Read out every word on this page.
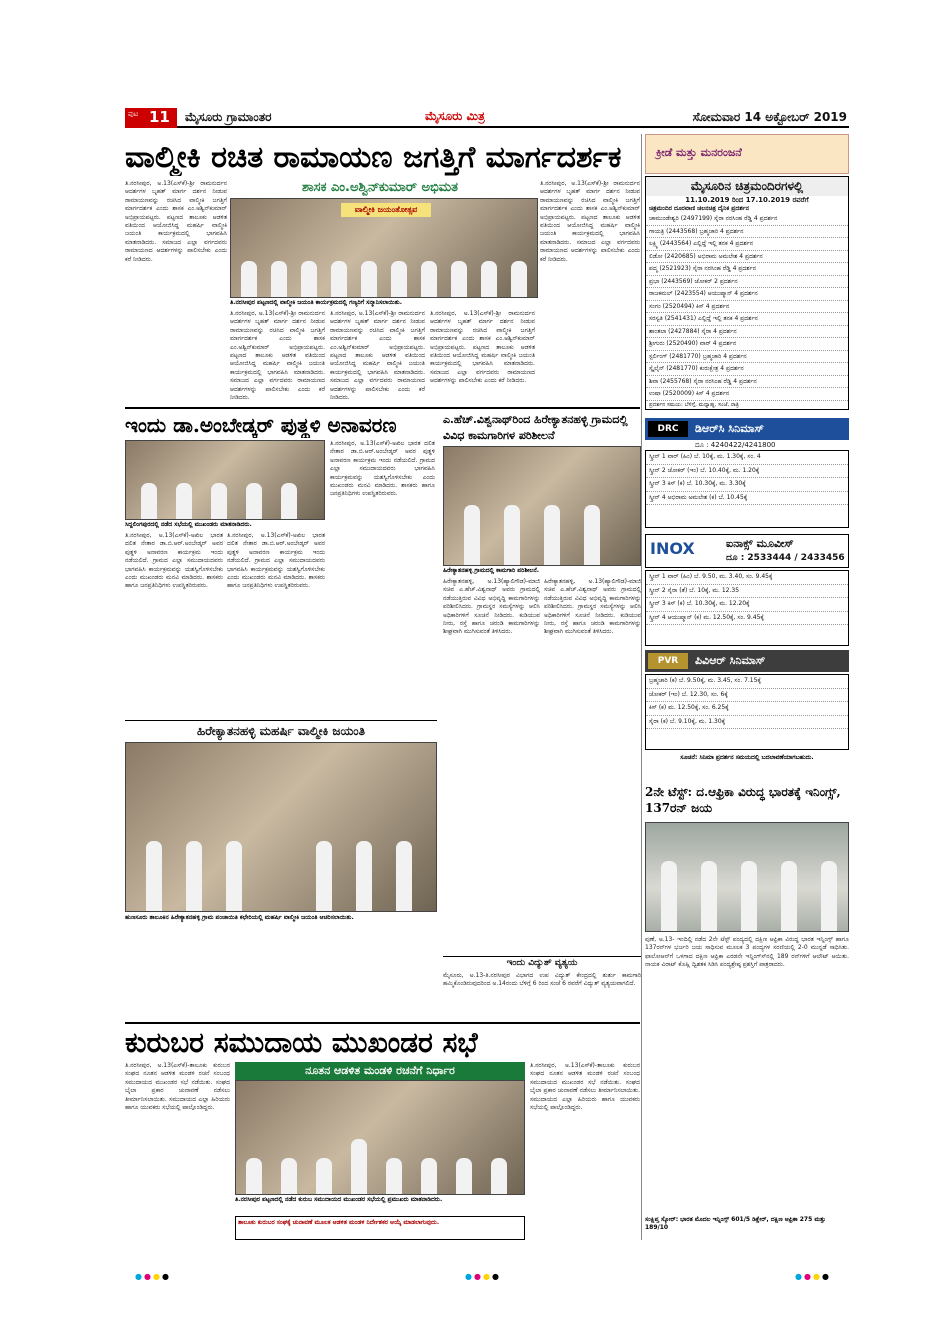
ಪುಟ 11 ಮೈಸೂರು ಗ್ರಾಮಾಂತರ	ಮೈಸೂರು ಮಿತ್ರ	ಸೋಮವಾರ 14 ಅಕ್ಟೋಬರ್ 2019
ವಾಲ್ಮೀಕಿ ರಚಿತ ರಾಮಾಯಣ ಜಗತ್ತಿಗೆ ಮಾರ್ಗದರ್ಶಕ
ಶಾಸಕ ಎಂ.ಅಶ್ವಿನ್‍ಕುಮಾರ್ ಅಭಿಮತ
ತಿ.ನರಸೀಪುರ, ಅ.13(ಎಸ್‍ಕೆ)-ಶ್ರೀ ರಾಮನುರ್ದನ ಆದರ್ಶಗಳ ಬೃಹತ್ ಮಾರ್ಗ ದರ್ಶನ ನೀಡುವ ರಾಮಾಯಣವನ್ನು ರಚಿಸಿದ ವಾಲ್ಮೀಕಿ ಜಗತ್ತಿಗೆ ಮಾರ್ಗದರ್ಶಕ ಎಂದು ಶಾಸಕ ಎಂ.ಅಶ್ವಿನ್‍ಕುಮಾರ್ ಅಭಿಪ್ರಾಯಪಟ್ಟರು. ಪಟ್ಟಣದ ತಾಲೂಕು ಆಡಳಿತ ವತಿಯಿಂದ ಆಯೋಜಿಸಿದ್ದ ಮಹರ್ಷಿ ವಾಲ್ಮೀಕಿ ಜಯಂತಿ ಕಾರ್ಯಕ್ರಮದಲ್ಲಿ ಭಾಗವಹಿಸಿ ಮಾತನಾಡಿದರು. ಸಮಾಜದ ಎಲ್ಲಾ ವರ್ಗದವರು ರಾಮಾಯಣದ ಆದರ್ಶಗಳನ್ನು ಪಾಲಿಸಬೇಕು ಎಂದು ಕರೆ ನೀಡಿದರು.
ವಾಲ್ಮೀಕಿ ಜಯಂತೋತ್ಸವ
ತಿ.ನರಸೀಪುರ ಪಟ್ಟಣದಲ್ಲಿ ವಾಲ್ಮೀಕಿ ಜಯಂತಿ ಕಾರ್ಯಕ್ರಮದಲ್ಲಿ ಗಣ್ಯರಿಗೆ ಸನ್ಮಾನಿಸಲಾಯಿತು.
ತಿ.ನರಸೀಪುರ, ಅ.13(ಎಸ್‍ಕೆ)-ಶ್ರೀ ರಾಮನುರ್ದನ ಆದರ್ಶಗಳ ಬೃಹತ್ ಮಾರ್ಗ ದರ್ಶನ ನೀಡುವ ರಾಮಾಯಣವನ್ನು ರಚಿಸಿದ ವಾಲ್ಮೀಕಿ ಜಗತ್ತಿಗೆ ಮಾರ್ಗದರ್ಶಕ ಎಂದು ಶಾಸಕ ಎಂ.ಅಶ್ವಿನ್‍ಕುಮಾರ್ ಅಭಿಪ್ರಾಯಪಟ್ಟರು. ಪಟ್ಟಣದ ತಾಲೂಕು ಆಡಳಿತ ವತಿಯಿಂದ ಆಯೋಜಿಸಿದ್ದ ಮಹರ್ಷಿ ವಾಲ್ಮೀಕಿ ಜಯಂತಿ ಕಾರ್ಯಕ್ರಮದಲ್ಲಿ ಭಾಗವಹಿಸಿ ಮಾತನಾಡಿದರು. ಸಮಾಜದ ಎಲ್ಲಾ ವರ್ಗದವರು ರಾಮಾಯಣದ ಆದರ್ಶಗಳನ್ನು ಪಾಲಿಸಬೇಕು ಎಂದು ಕರೆ ನೀಡಿದರು.
ತಿ.ನರಸೀಪುರ, ಅ.13(ಎಸ್‍ಕೆ)-ಶ್ರೀ ರಾಮನುರ್ದನ ಆದರ್ಶಗಳ ಬೃಹತ್ ಮಾರ್ಗ ದರ್ಶನ ನೀಡುವ ರಾಮಾಯಣವನ್ನು ರಚಿಸಿದ ವಾಲ್ಮೀಕಿ ಜಗತ್ತಿಗೆ ಮಾರ್ಗದರ್ಶಕ ಎಂದು ಶಾಸಕ ಎಂ.ಅಶ್ವಿನ್‍ಕುಮಾರ್ ಅಭಿಪ್ರಾಯಪಟ್ಟರು. ಪಟ್ಟಣದ ತಾಲೂಕು ಆಡಳಿತ ವತಿಯಿಂದ ಆಯೋಜಿಸಿದ್ದ ಮಹರ್ಷಿ ವಾಲ್ಮೀಕಿ ಜಯಂತಿ ಕಾರ್ಯಕ್ರಮದಲ್ಲಿ ಭಾಗವಹಿಸಿ ಮಾತನಾಡಿದರು. ಸಮಾಜದ ಎಲ್ಲಾ ವರ್ಗದವರು ರಾಮಾಯಣದ ಆದರ್ಶಗಳನ್ನು ಪಾಲಿಸಬೇಕು ಎಂದು ಕರೆ ನೀಡಿದರು.
ತಿ.ನರಸೀಪುರ, ಅ.13(ಎಸ್‍ಕೆ)-ಶ್ರೀ ರಾಮನುರ್ದನ ಆದರ್ಶಗಳ ಬೃಹತ್ ಮಾರ್ಗ ದರ್ಶನ ನೀಡುವ ರಾಮಾಯಣವನ್ನು ರಚಿಸಿದ ವಾಲ್ಮೀಕಿ ಜಗತ್ತಿಗೆ ಮಾರ್ಗದರ್ಶಕ ಎಂದು ಶಾಸಕ ಎಂ.ಅಶ್ವಿನ್‍ಕುಮಾರ್ ಅಭಿಪ್ರಾಯಪಟ್ಟರು. ಪಟ್ಟಣದ ತಾಲೂಕು ಆಡಳಿತ ವತಿಯಿಂದ ಆಯೋಜಿಸಿದ್ದ ಮಹರ್ಷಿ ವಾಲ್ಮೀಕಿ ಜಯಂತಿ ಕಾರ್ಯಕ್ರಮದಲ್ಲಿ ಭಾಗವಹಿಸಿ ಮಾತನಾಡಿದರು. ಸಮಾಜದ ಎಲ್ಲಾ ವರ್ಗದವರು ರಾಮಾಯಣದ ಆದರ್ಶಗಳನ್ನು ಪಾಲಿಸಬೇಕು ಎಂದು ಕರೆ ನೀಡಿದರು.
ತಿ.ನರಸೀಪುರ, ಅ.13(ಎಸ್‍ಕೆ)-ಶ್ರೀ ರಾಮನುರ್ದನ ಆದರ್ಶಗಳ ಬೃಹತ್ ಮಾರ್ಗ ದರ್ಶನ ನೀಡುವ ರಾಮಾಯಣವನ್ನು ರಚಿಸಿದ ವಾಲ್ಮೀಕಿ ಜಗತ್ತಿಗೆ ಮಾರ್ಗದರ್ಶಕ ಎಂದು ಶಾಸಕ ಎಂ.ಅಶ್ವಿನ್‍ಕುಮಾರ್ ಅಭಿಪ್ರಾಯಪಟ್ಟರು. ಪಟ್ಟಣದ ತಾಲೂಕು ಆಡಳಿತ ವತಿಯಿಂದ ಆಯೋಜಿಸಿದ್ದ ಮಹರ್ಷಿ ವಾಲ್ಮೀಕಿ ಜಯಂತಿ ಕಾರ್ಯಕ್ರಮದಲ್ಲಿ ಭಾಗವಹಿಸಿ ಮಾತನಾಡಿದರು. ಸಮಾಜದ ಎಲ್ಲಾ ವರ್ಗದವರು ರಾಮಾಯಣದ ಆದರ್ಶಗಳನ್ನು ಪಾಲಿಸಬೇಕು ಎಂದು ಕರೆ ನೀಡಿದರು.
ಇಂದು ಡಾ.ಅಂಬೇಡ್ಕರ್ ಪುತ್ಥಳಿ ಅನಾವರಣ
ಸಿದ್ದಲಿಂಗಪುರದಲ್ಲಿ ನಡೆದ ಸಭೆಯಲ್ಲಿ ಮುಖಂಡರು ಮಾತನಾಡಿದರು.
ತಿ.ನರಸೀಪುರ, ಅ.13(ಎಸ್‍ಕೆ)-ಅಖಿಲ ಭಾರತ ದಲಿತ ನೇತಾರ ಡಾ.ಬಿ.ಆರ್.ಅಂಬೇಡ್ಕರ್ ಅವರ ಪುತ್ಥಳಿ ಅನಾವರಣ ಕಾರ್ಯಕ್ರಮ ಇಂದು ನಡೆಯಲಿದೆ. ಗ್ರಾಮದ ಎಲ್ಲಾ ಸಮುದಾಯದವರು ಭಾಗವಹಿಸಿ ಕಾರ್ಯಕ್ರಮವನ್ನು ಯಶಸ್ವಿಗೊಳಿಸಬೇಕು ಎಂದು ಮುಖಂಡರು ಮನವಿ ಮಾಡಿದರು. ಶಾಸಕರು ಹಾಗೂ ಜನಪ್ರತಿನಿಧಿಗಳು ಉಪಸ್ಥಿತರಿರುವರು.
ತಿ.ನರಸೀಪುರ, ಅ.13(ಎಸ್‍ಕೆ)-ಅಖಿಲ ಭಾರತ ದಲಿತ ನೇತಾರ ಡಾ.ಬಿ.ಆರ್.ಅಂಬೇಡ್ಕರ್ ಅವರ ಪುತ್ಥಳಿ ಅನಾವರಣ ಕಾರ್ಯಕ್ರಮ ಇಂದು ನಡೆಯಲಿದೆ. ಗ್ರಾಮದ ಎಲ್ಲಾ ಸಮುದಾಯದವರು ಭಾಗವಹಿಸಿ ಕಾರ್ಯಕ್ರಮವನ್ನು ಯಶಸ್ವಿಗೊಳಿಸಬೇಕು ಎಂದು ಮುಖಂಡರು ಮನವಿ ಮಾಡಿದರು. ಶಾಸಕರು ಹಾಗೂ ಜನಪ್ರತಿನಿಧಿಗಳು ಉಪಸ್ಥಿತರಿರುವರು.
ತಿ.ನರಸೀಪುರ, ಅ.13(ಎಸ್‍ಕೆ)-ಅಖಿಲ ಭಾರತ ದಲಿತ ನೇತಾರ ಡಾ.ಬಿ.ಆರ್.ಅಂಬೇಡ್ಕರ್ ಅವರ ಪುತ್ಥಳಿ ಅನಾವರಣ ಕಾರ್ಯಕ್ರಮ ಇಂದು ನಡೆಯಲಿದೆ. ಗ್ರಾಮದ ಎಲ್ಲಾ ಸಮುದಾಯದವರು ಭಾಗವಹಿಸಿ ಕಾರ್ಯಕ್ರಮವನ್ನು ಯಶಸ್ವಿಗೊಳಿಸಬೇಕು ಎಂದು ಮುಖಂಡರು ಮನವಿ ಮಾಡಿದರು. ಶಾಸಕರು ಹಾಗೂ ಜನಪ್ರತಿನಿಧಿಗಳು ಉಪಸ್ಥಿತರಿರುವರು.
ಎ.ಹೆಚ್.ವಿಶ್ವನಾಥ್‍ರಿಂದ ಹಿರೇಕ್ಯಾತನಹಳ್ಳಿ ಗ್ರಾಮದಲ್ಲಿ ವಿವಿಧ ಕಾಮಗಾರಿಗಳ ಪರಿಶೀಲನೆ
ಹಿರೇಕ್ಯಾತನಹಳ್ಳಿ ಗ್ರಾಮದಲ್ಲಿ ಕಾಮಗಾರಿ ಪರಿಶೀಲನೆ.
ಹಿರೇಕ್ಯಾತನಹಳ್ಳಿ, ಅ.13(ಹ್ಯಾಲಿಗೌಡ)-ಮಾಜಿ ಸಚಿವ ಎ.ಹೆಚ್.ವಿಶ್ವನಾಥ್ ಅವರು ಗ್ರಾಮದಲ್ಲಿ ನಡೆಯುತ್ತಿರುವ ವಿವಿಧ ಅಭಿವೃದ್ಧಿ ಕಾಮಗಾರಿಗಳನ್ನು ಪರಿಶೀಲಿಸಿದರು. ಗ್ರಾಮಸ್ಥರ ಸಮಸ್ಯೆಗಳನ್ನು ಆಲಿಸಿ ಅಧಿಕಾರಿಗಳಿಗೆ ಸೂಚನೆ ನೀಡಿದರು. ಕುಡಿಯುವ ನೀರು, ರಸ್ತೆ ಹಾಗೂ ಚರಂಡಿ ಕಾಮಗಾರಿಗಳನ್ನು ಶೀಘ್ರವಾಗಿ ಮುಗಿಸುವಂತೆ ತಿಳಿಸಿದರು.
ಹಿರೇಕ್ಯಾತನಹಳ್ಳಿ, ಅ.13(ಹ್ಯಾಲಿಗೌಡ)-ಮಾಜಿ ಸಚಿವ ಎ.ಹೆಚ್.ವಿಶ್ವನಾಥ್ ಅವರು ಗ್ರಾಮದಲ್ಲಿ ನಡೆಯುತ್ತಿರುವ ವಿವಿಧ ಅಭಿವೃದ್ಧಿ ಕಾಮಗಾರಿಗಳನ್ನು ಪರಿಶೀಲಿಸಿದರು. ಗ್ರಾಮಸ್ಥರ ಸಮಸ್ಯೆಗಳನ್ನು ಆಲಿಸಿ ಅಧಿಕಾರಿಗಳಿಗೆ ಸೂಚನೆ ನೀಡಿದರು. ಕುಡಿಯುವ ನೀರು, ರಸ್ತೆ ಹಾಗೂ ಚರಂಡಿ ಕಾಮಗಾರಿಗಳನ್ನು ಶೀಘ್ರವಾಗಿ ಮುಗಿಸುವಂತೆ ತಿಳಿಸಿದರು.
ಹಿರೇಕ್ಯಾತನಹಳ್ಳಿ ಮಹರ್ಷಿ ವಾಲ್ಮೀಕಿ ಜಯಂತಿ
ಹುಣಸೂರು ತಾಲೂಕಿನ ಹಿರೇಕ್ಯಾತನಹಳ್ಳಿ ಗ್ರಾಮ ಪಂಚಾಯಿತಿ ಕಛೇರಿಯಲ್ಲಿ ಮಹರ್ಷಿ ವಾಲ್ಮೀಕಿ ಜಯಂತಿ ಆಚರಿಸಲಾಯಿತು.
ಇಂದು ವಿದ್ಯುತ್ ವ್ಯತ್ಯಯ
ಮೈಸೂರು, ಅ.13-ತಿ.ನರಸೀಪುರ ವಿಭಾಗದ ಉಪ ವಿದ್ಯುತ್ ಕೇಂದ್ರದಲ್ಲಿ ತುರ್ತು ಕಾಮಗಾರಿ ಹಮ್ಮಿಕೊಂಡಿರುವುದರಿಂದ ಅ.14ರಂದು ಬೆಳಿಗ್ಗೆ 6 ರಿಂದ ಸಂಜೆ 6 ರವರೆಗೆ ವಿದ್ಯುತ್ ವ್ಯತ್ಯಯವಾಗಲಿದೆ.
ಕುರುಬರ ಸಮುದಾಯ ಮುಖಂಡರ ಸಭೆ
ತಿ.ನರಸೀಪುರ, ಅ.13(ಎಸ್‍ಕೆ)-ತಾಲೂಕು ಕುರುಬರ ಸಂಘದ ನೂತನ ಆಡಳಿತ ಮಂಡಳಿ ರಚನೆ ಸಂಬಂಧ ಸಮುದಾಯದ ಮುಖಂಡರ ಸಭೆ ನಡೆಯಿತು. ಸಂಘದ ಬೈಲಾ ಪ್ರಕಾರ ಚುನಾವಣೆ ನಡೆಸಲು ತೀರ್ಮಾನಿಸಲಾಯಿತು. ಸಮುದಾಯದ ಎಲ್ಲಾ ಹಿರಿಯರು ಹಾಗೂ ಯುವಕರು ಸಭೆಯಲ್ಲಿ ಪಾಲ್ಗೊಂಡಿದ್ದರು.
ನೂತನ ಆಡಳಿತ ಮಂಡಳಿ ರಚನೆಗೆ ನಿರ್ಧಾರ
ತಿ.ನರಸೀಪುರ ಪಟ್ಟಣದಲ್ಲಿ ನಡೆದ ಕುರುಬ ಸಮುದಾಯದ ಮುಖಂಡರ ಸಭೆಯಲ್ಲಿ ಪ್ರಮುಖರು ಮಾತನಾಡಿದರು.
ತಾಲೂಕು ಕುರುಬರ ಸಂಘಕ್ಕೆ ಚುನಾವಣೆ ಮೂಲಕ ಆಡಳಿತ ಮಂಡಳಿ ನಿರ್ದೇಶಕರ ಆಯ್ಕೆ ಮಾಡಲಾಗುವುದು.
ತಿ.ನರಸೀಪುರ, ಅ.13(ಎಸ್‍ಕೆ)-ತಾಲೂಕು ಕುರುಬರ ಸಂಘದ ನೂತನ ಆಡಳಿತ ಮಂಡಳಿ ರಚನೆ ಸಂಬಂಧ ಸಮುದಾಯದ ಮುಖಂಡರ ಸಭೆ ನಡೆಯಿತು. ಸಂಘದ ಬೈಲಾ ಪ್ರಕಾರ ಚುನಾವಣೆ ನಡೆಸಲು ತೀರ್ಮಾನಿಸಲಾಯಿತು. ಸಮುದಾಯದ ಎಲ್ಲಾ ಹಿರಿಯರು ಹಾಗೂ ಯುವಕರು ಸಭೆಯಲ್ಲಿ ಪಾಲ್ಗೊಂಡಿದ್ದರು.
ಕ್ರೀಡೆ ಮತ್ತು ಮನರಂಜನೆ
ಮೈಸೂರಿನ ಚಿತ್ರಮಂದಿರಗಳಲ್ಲಿ
11.10.2019 ರಿಂದ 17.10.2019 ರವರೆಗೆ
ಚಿತ್ರಮಂದಿರ ದೂರವಾಣಿ ಚಲನಚಿತ್ರ ದೈನಿಕ ಪ್ರದರ್ಶನ
ಚಾಮುಂಡೇಶ್ವರಿ (2497199) ಸೈರಾ ನರಸಿಂಹ ರೆಡ್ಡಿ 4 ಪ್ರದರ್ಶನ
ಗಾಯತ್ರಿ (2443568) ಬ್ರಹ್ಮಚಾರಿ 4 ಪ್ರದರ್ಶನ
ಲಕ್ಷ್ಮಿ (2443564) ಎಲ್ಲಿದ್ದೆ ಇಲ್ಲಿ ತನಕ 4 ಪ್ರದರ್ಶನ
ಲಿಡೋ (2420685) ಅಭಿರಾಮ ಅಮಲೇಶ 4 ಪ್ರದರ್ಶನ
ಪದ್ಮ (2521923) ಸೈರಾ ನರಸಿಂಹ ರೆಡ್ಡಿ 4 ಪ್ರದರ್ಶನ
ಪ್ರಭಾ (2443569) ಜೋಕರ್ 2 ಪ್ರದರ್ಶನ
ರಾಜಕಮಲ್ (2423554) ಆಯುಷ್ಮಾನ್ 4 ಪ್ರದರ್ಶನ
ಸಂಗಂ (2520494) ಕಿಸ್ 4 ಪ್ರದರ್ಶನ
ಸರಸ್ವತಿ (2541431) ಎಲ್ಲಿದ್ದೆ ಇಲ್ಲಿ ತನಕ 4 ಪ್ರದರ್ಶನ
ಶಾಂತಲಾ (2427884) ಸೈರಾ 4 ಪ್ರದರ್ಶನ
ಶ್ರೀಗುರು (2520490) ವಾರ್ 4 ಪ್ರದರ್ಶನ
ಸ್ಟರ್ಲಿಂಗ್ (2481770) ಬ್ರಹ್ಮಚಾರಿ 4 ಪ್ರದರ್ಶನ
ಸ್ಕೈಲೈನ್ (2481770) ಕುರುಕ್ಷೇತ್ರ 4 ಪ್ರದರ್ಶನ
ಶಿವಾ (2455768) ಸೈರಾ ನರಸಿಂಹ ರೆಡ್ಡಿ 4 ಪ್ರದರ್ಶನ
ಉಷಾ (2520009) ಕಿಸ್ 4 ಪ್ರದರ್ಶನ
ಪ್ರದರ್ಶನ ಸಮಯ: ಬೆಳಿಗ್ಗೆ, ಮಧ್ಯಾಹ್ನ, ಸಂಜೆ, ರಾತ್ರಿ
DRC	ಡಿಆರ್‌ಸಿ ಸಿನಿಮಾಸ್
ದೂ : 4240422/4241800
ಸ್ಕ್ರೀನ್ 1 ವಾರ್ (ಹಿಂ) ಬೆ. 10ಕ್ಕೆ, ಮ. 1.30ಕ್ಕೆ, ಸಂ. 4
ಸ್ಕ್ರೀನ್ 2 ಜೋಕರ್ (ಇಂ) ಬೆ. 10.40ಕ್ಕೆ, ಮ. 1.20ಕ್ಕೆ
ಸ್ಕ್ರೀನ್ 3 ಕಿಸ್ (ಕ) ಬೆ. 10.30ಕ್ಕೆ, ಮ. 3.30ಕ್ಕೆ
ಸ್ಕ್ರೀನ್ 4 ಅಭಿರಾಮ ಅಮಲೇಶ (ಕ) ಬೆ. 10.45ಕ್ಕೆ
INOX	ಐನಾಕ್ಸ್ ಮೂವೀಸ್
ದೂ : 2533444 / 2433456
ಸ್ಕ್ರೀನ್ 1 ವಾರ್ (ಹಿಂ) ಬೆ. 9.50, ಮ. 3.40, ಸಂ. 9.45ಕ್ಕೆ
ಸ್ಕ್ರೀನ್ 2 ಸೈರಾ (ತೆ) ಬೆ. 10ಕ್ಕೆ, ಮ. 12.35
ಸ್ಕ್ರೀನ್ 3 ಕಿಸ್ (ಕ) ಬೆ. 10.30ಕ್ಕೆ, ಮ. 12.20ಕ್ಕೆ
ಸ್ಕ್ರೀನ್ 4 ಆಯುಷ್ಮಾನ್ (ಕ) ಮ. 12.50ಕ್ಕೆ, ಸಂ. 9.45ಕ್ಕೆ
PVR	ಪಿವಿಆರ್ ಸಿನಿಮಾಸ್
ಬ್ರಹ್ಮಚಾರಿ (ಕ) ಬೆ. 9.50ಕ್ಕೆ, ಮ. 3.45, ಸಂ. 7.15ಕ್ಕೆ
ಜೋಕರ್ (ಇಂ) ಬೆ. 12.30, ಸಂ. 6ಕ್ಕೆ
ಕಿಸ್ (ಕ) ಮ. 12.50ಕ್ಕೆ, ಸಂ. 6.25ಕ್ಕೆ
ಸೈರಾ (ಕ) ಬೆ. 9.10ಕ್ಕೆ, ಮ. 1.30ಕ್ಕೆ
ಸೂಚನೆ: ಸಿನಿಮಾ ಪ್ರದರ್ಶನ ಸಮಯದಲ್ಲಿ ಬದಲಾವಣೆಯಾಗಬಹುದು.
2ನೇ ಟೆಸ್ಟ್: ದ.ಆಫ್ರಿಕಾ ವಿರುದ್ಧ ಭಾರತಕ್ಕೆ ಇನಿಂಗ್ಸ್, 137ರನ್ ಜಯ
ಪುಣೆ, ಅ.13- ಇಂದಿಲ್ಲಿ ನಡೆದ 2ನೇ ಟೆಸ್ಟ್ ಪಂದ್ಯದಲ್ಲಿ ದಕ್ಷಿಣ ಆಫ್ರಿಕಾ ವಿರುದ್ಧ ಭಾರತ ಇನ್ನಿಂಗ್ಸ್ ಹಾಗೂ 137ರನ್‍ಗಳ ಭರ್ಜರಿ ಜಯ ಸಾಧಿಸುವ ಮೂಲಕ 3 ಪಂದ್ಯಗಳ ಸರಣಿಯಲ್ಲಿ 2-0 ಮುನ್ನಡೆ ಸಾಧಿಸಿತು. ಫಾಲೋಆನ್‍ಗೆ ಒಳಗಾದ ದಕ್ಷಿಣ ಆಫ್ರಿಕಾ ಎರಡನೇ ಇನ್ನಿಂಗ್ಸ್‍ನಲ್ಲಿ 189 ರನ್‍ಗಳಿಗೆ ಆಲೌಟ್ ಆಯಿತು. ನಾಯಕ ವಿರಾಟ್ ಕೊಹ್ಲಿ ದ್ವಿಶತಕ ಸಿಡಿಸಿ ಪಂದ್ಯಶ್ರೇಷ್ಠ ಪ್ರಶಸ್ತಿಗೆ ಪಾತ್ರರಾದರು.
ಸಂಕ್ಷಿಪ್ತ ಸ್ಕೋರ್: ಭಾರತ ಮೊದಲ ಇನ್ನಿಂಗ್ಸ್ 601/5 ಡಿಕ್ಲೇರ್, ದಕ್ಷಿಣ ಆಫ್ರಿಕಾ 275 ಮತ್ತು 189/10
●●●●	●●●●	●●●●
